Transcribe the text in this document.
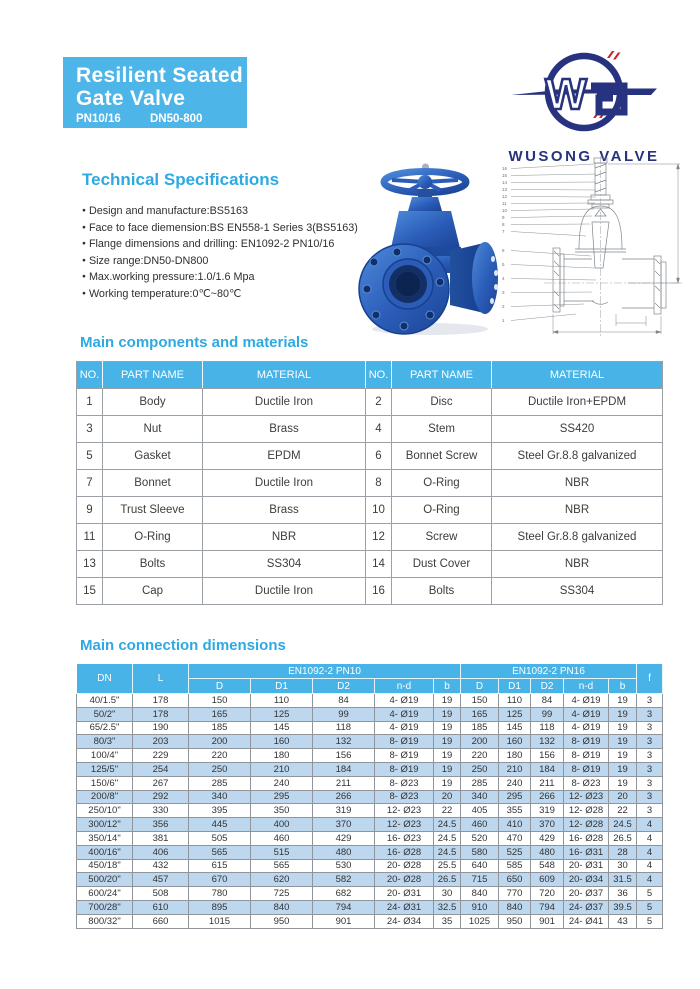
Resilient Seated
Gate Valve
PN10/16	DN50-800	W
WUSONG VALVE
Technical Specifications
● Design and manufacture:BS5163
● Face to face diemension:BS EN558-1 Series 3(BS5163)
● Flange dimensions and drilling: EN1092-2 PN10/16
● Size range:DN50-DN800
● Max.working pressure:1.0/1.6 Mpa
● Working temperature:0℃~80℃
16
15
14
13
12
11
10
9
8
7
6
5
4
3
2
1
Main components and materials
NO.	PART NAME	MATERIAL	NO.	PART NAME	MATERIAL
1	Body	Ductile Iron	2	Disc	Ductile Iron+EPDM
3	Nut	Brass	4	Stem	SS420
5	Gasket	EPDM	6	Bonnet Screw	Steel Gr.8.8 galvanized
7	Bonnet	Ductile Iron	8	O-Ring	NBR
9	Trust Sleeve	Brass	10	O-Ring	NBR
11	O-Ring	NBR	12	Screw	Steel Gr.8.8 galvanized
13	Bolts	SS304	14	Dust Cover	NBR
15	Cap	Ductile Iron	16	Bolts	SS304
Main connection dimensions
DN	L	EN1092-2 PN10					EN1092-2 PN16					f
		D	D1	D2	n-d	b	D	D1	D2	n-d	b	
40/1.5"	178	150	110	84	4- Ø19	19	150	110	84	4- Ø19	19	3
50/2"	178	165	125	99	4- Ø19	19	165	125	99	4- Ø19	19	3
65/2.5"	190	185	145	118	4- Ø19	19	185	145	118	4- Ø19	19	3
80/3"	203	200	160	132	8- Ø19	19	200	160	132	8- Ø19	19	3
100/4"	229	220	180	156	8- Ø19	19	220	180	156	8- Ø19	19	3
125/5"	254	250	210	184	8- Ø19	19	250	210	184	8- Ø19	19	3
150/6"	267	285	240	211	8- Ø23	19	285	240	211	8- Ø23	19	3
200/8"	292	340	295	266	8- Ø23	20	340	295	266	12- Ø23	20	3
250/10"	330	395	350	319	12- Ø23	22	405	355	319	12- Ø28	22	3
300/12"	356	445	400	370	12- Ø23	24.5	460	410	370	12- Ø28	24.5	4
350/14"	381	505	460	429	16- Ø23	24.5	520	470	429	16- Ø28	26.5	4
400/16"	406	565	515	480	16- Ø28	24.5	580	525	480	16- Ø31	28	4
450/18"	432	615	565	530	20- Ø28	25.5	640	585	548	20- Ø31	30	4
500/20"	457	670	620	582	20- Ø28	26.5	715	650	609	20- Ø34	31.5	4
600/24"	508	780	725	682	20- Ø31	30	840	770	720	20- Ø37	36	5
700/28"	610	895	840	794	24- Ø31	32.5	910	840	794	24- Ø37	39.5	5
800/32"	660	1015	950	901	24- Ø34	35	1025	950	901	24- Ø41	43	5
